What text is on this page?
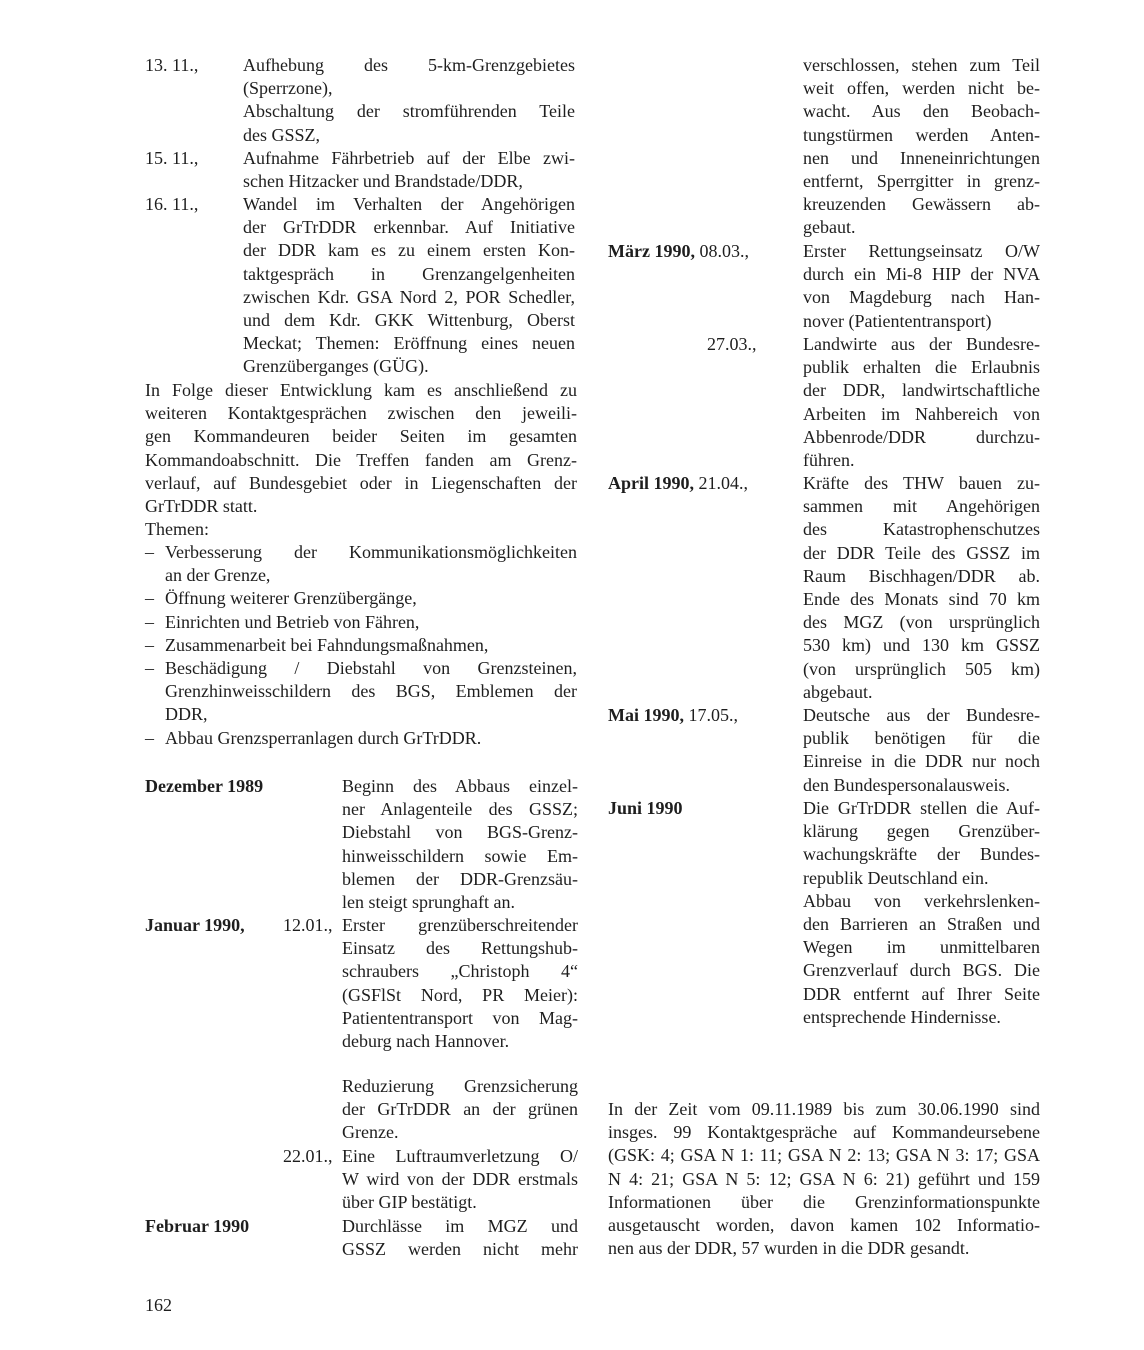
13. 11., Aufhebung des 5-km-Grenzgebietes
(Sperrzone),
Abschaltung der stromführenden Teile
des GSSZ,
15. 11., Aufnahme Fährbetrieb auf der Elbe zwi-
schen Hitzacker und Brandstade/DDR,
16. 11., Wandel im Verhalten der Angehörigen
der GrTrDDR erkennbar. Auf Initiative
der DDR kam es zu einem ersten Kon-
taktgespräch in Grenzangelgenheiten
zwischen Kdr. GSA Nord 2, POR Schedler,
und dem Kdr. GKK Wittenburg, Oberst
Meckat; Themen: Eröffnung eines neuen
Grenzüberganges (GÜG).
In Folge dieser Entwicklung kam es anschließend zu
weiteren Kontaktgesprächen zwischen den jeweili-
gen Kommandeuren beider Seiten im gesamten
Kommandoabschnitt. Die Treffen fanden am Grenz-
verlauf, auf Bundesgebiet oder in Liegenschaften der
GrTrDDR statt.
Themen:
– Verbesserung der Kommunikationsmöglichkeiten
an der Grenze,
– Öffnung weiterer Grenzübergänge,
– Einrichten und Betrieb von Fähren,
– Zusammenarbeit bei Fahndungsmaßnahmen,
– Beschädigung / Diebstahl von Grenzsteinen,
Grenzhinweisschildern des BGS, Emblemen der
DDR,
– Abbau Grenzsperranlagen durch GrTrDDR.
Dezember 1989	Beginn des Abbaus einzel-
ner Anlagenteile des GSSZ;
Diebstahl von BGS-Grenz-
hinweisschildern sowie Em-
blemen der DDR-Grenzsäu-
len steigt sprunghaft an.
Januar 1990, 12.01., Erster grenzüberschreitender
Einsatz des Rettungshub-
schraubers „Christoph 4“
(GSFlSt Nord, PR Meier):
Patiententransport von Mag-
deburg nach Hannover.
Reduzierung Grenzsicherung
der GrTrDDR an der grünen
Grenze.
22.01., Eine Luftraumverletzung O/
W wird von der DDR erstmals
über GIP bestätigt.
Februar 1990	Durchlässe im MGZ und
GSSZ werden nicht mehr
verschlossen, stehen zum Teil
weit offen, werden nicht be-
wacht. Aus den Beobach-
tungstürmen werden Anten-
nen und Inneneinrichtungen
entfernt, Sperrgitter in grenz-
kreuzenden Gewässern ab-
gebaut.
März 1990, 08.03.,	Erster Rettungseinsatz O/W
durch ein Mi-8 HIP der NVA
von Magdeburg nach Han-
nover (Patiententransport)
27.03.,	Landwirte aus der Bundesre-
publik erhalten die Erlaubnis
der DDR, landwirtschaftliche
Arbeiten im Nahbereich von
Abbenrode/DDR durchzu-
führen.
April 1990, 21.04.,	Kräfte des THW bauen zu-
sammen mit Angehörigen
des Katastrophenschutzes
der DDR Teile des GSSZ im
Raum Bischhagen/DDR ab.
Ende des Monats sind 70 km
des MGZ (von ursprünglich
530 km) und 130 km GSSZ
(von ursprünglich 505 km)
abgebaut.
Mai 1990, 17.05.,	Deutsche aus der Bundesre-
publik benötigen für die
Einreise in die DDR nur noch
den Bundespersonalausweis.
Juni 1990	Die GrTrDDR stellen die Auf-
klärung gegen Grenzüber-
wachungskräfte der Bundes-
republik Deutschland ein.
Abbau von verkehrslenken-
den Barrieren an Straßen und
Wegen im unmittelbaren
Grenzverlauf durch BGS. Die
DDR entfernt auf Ihrer Seite
entsprechende Hindernisse.
In der Zeit vom 09.11.1989 bis zum 30.06.1990 sind
insges. 99 Kontaktgespräche auf Kommandeursebene
(GSK: 4; GSA N 1: 11; GSA N 2: 13; GSA N 3: 17; GSA
N 4: 21; GSA N 5: 12; GSA N 6: 21) geführt und 159
Informationen über die Grenzinformationspunkte
ausgetauscht worden, davon kamen 102 Informatio-
nen aus der DDR, 57 wurden in die DDR gesandt.
162
